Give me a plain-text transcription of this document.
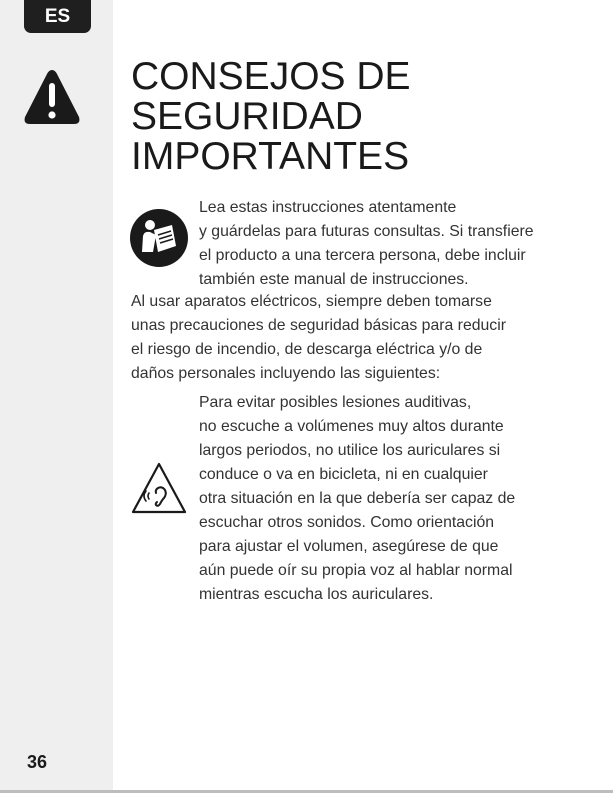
ES
36
CONSEJOS DE
SEGURIDAD
IMPORTANTES

Lea estas instrucciones atentamente
y guárdelas para futuras consultas. Si transfiere
el producto a una tercera persona, debe incluir
también este manual de instrucciones.

Al usar aparatos eléctricos, siempre deben tomarse
unas precauciones de seguridad básicas para reducir
el riesgo de incendio, de descarga eléctrica y/o de
daños personales incluyendo las siguientes:

Para evitar posibles lesiones auditivas,
no escuche a volúmenes muy altos durante
largos periodos, no utilice los auriculares si
conduce o va en bicicleta, ni en cualquier
otra situación en la que debería ser capaz de
escuchar otros sonidos. Como orientación
para ajustar el volumen, asegúrese de que
aún puede oír su propia voz al hablar normal
mientras escucha los auriculares.
